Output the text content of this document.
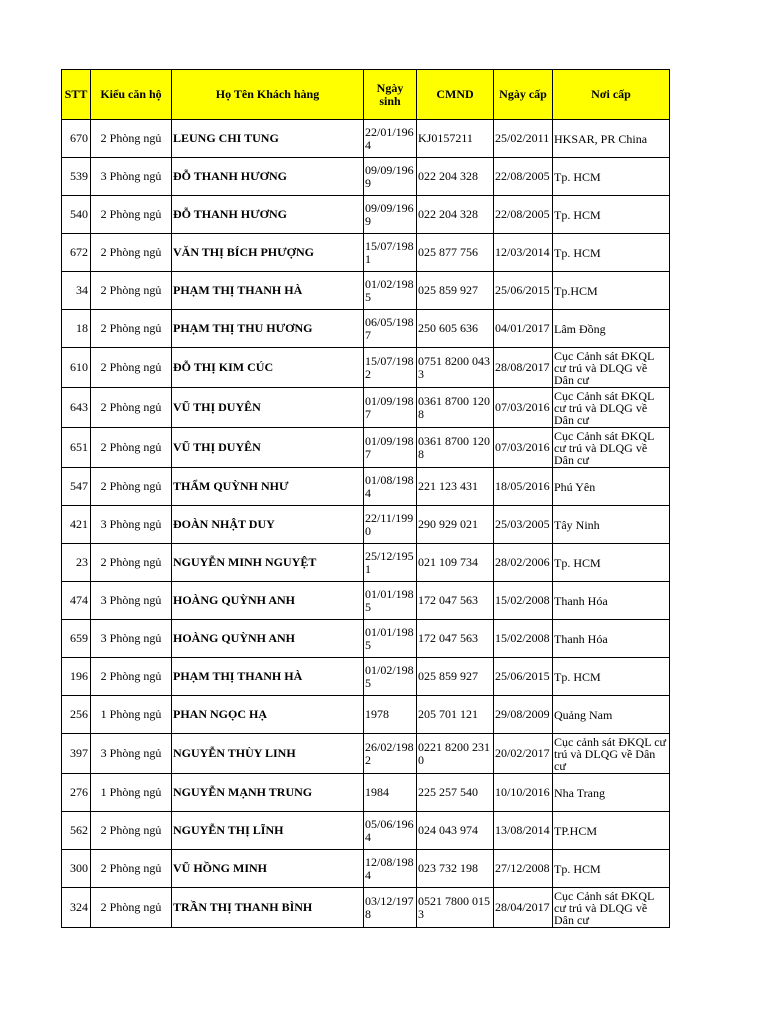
STT	Kiểu căn hộ	Họ Tên Khách hàng	Ngày sinh	CMND	Ngày cấp	Nơi cấp
670	2 Phòng ngủ	LEUNG CHI TUNG	22/01/1964	KJ0157211	25/02/2011	HKSAR, PR China
539	3 Phòng ngủ	ĐỖ THANH HƯƠNG	09/09/1969	022 204 328	22/08/2005	Tp. HCM
540	2 Phòng ngủ	ĐỖ THANH HƯƠNG	09/09/1969	022 204 328	22/08/2005	Tp. HCM
672	2 Phòng ngủ	VĂN THỊ BÍCH PHƯỢNG	15/07/1981	025 877 756	12/03/2014	Tp. HCM
34	2 Phòng ngủ	PHẠM THỊ THANH HÀ	01/02/1985	025 859 927	25/06/2015	Tp.HCM
18	2 Phòng ngủ	PHẠM THỊ THU HƯƠNG	06/05/1987	250 605 636	04/01/2017	Lâm Đồng
610	2 Phòng ngủ	ĐỖ THỊ KIM CÚC	15/07/1982	0751 8200 0433	28/08/2017	Cục Cảnh sát ĐKQL cư trú và DLQG về Dân cư
643	2 Phòng ngủ	VŨ THỊ DUYÊN	01/09/1987	0361 8700 1208	07/03/2016	Cục Cảnh sát ĐKQL cư trú và DLQG về Dân cư
651	2 Phòng ngủ	VŨ THỊ DUYÊN	01/09/1987	0361 8700 1208	07/03/2016	Cục Cảnh sát ĐKQL cư trú và DLQG về Dân cư
547	2 Phòng ngủ	THẨM QUỲNH NHƯ	01/08/1984	221 123 431	18/05/2016	Phú Yên
421	3 Phòng ngủ	ĐOÀN NHẬT DUY	22/11/1990	290 929 021	25/03/2005	Tây Ninh
23	2 Phòng ngủ	NGUYỄN MINH NGUYỆT	25/12/1951	021 109 734	28/02/2006	Tp. HCM
474	3 Phòng ngủ	HOÀNG QUỲNH ANH	01/01/1985	172 047 563	15/02/2008	Thanh Hóa
659	3 Phòng ngủ	HOÀNG QUỲNH ANH	01/01/1985	172 047 563	15/02/2008	Thanh Hóa
196	2 Phòng ngủ	PHẠM THỊ THANH HÀ	01/02/1985	025 859 927	25/06/2015	Tp. HCM
256	1 Phòng ngủ	PHAN NGỌC HẠ	1978	205 701 121	29/08/2009	Quảng Nam
397	3 Phòng ngủ	NGUYỄN THÙY LINH	26/02/1982	0221 8200 2310	20/02/2017	Cục cảnh sát ĐKQL cư trú và DLQG về Dân cư
276	1 Phòng ngủ	NGUYỄN MẠNH TRUNG	1984	225 257 540	10/10/2016	Nha Trang
562	2 Phòng ngủ	NGUYỄN THỊ LĨNH	05/06/1964	024 043 974	13/08/2014	TP.HCM
300	2 Phòng ngủ	VŨ HỒNG MINH	12/08/1984	023 732 198	27/12/2008	Tp. HCM
324	2 Phòng ngủ	TRẦN THỊ THANH BÌNH	03/12/1978	0521 7800 0153	28/04/2017	Cục Cảnh sát ĐKQL cư trú và DLQG về Dân cư
